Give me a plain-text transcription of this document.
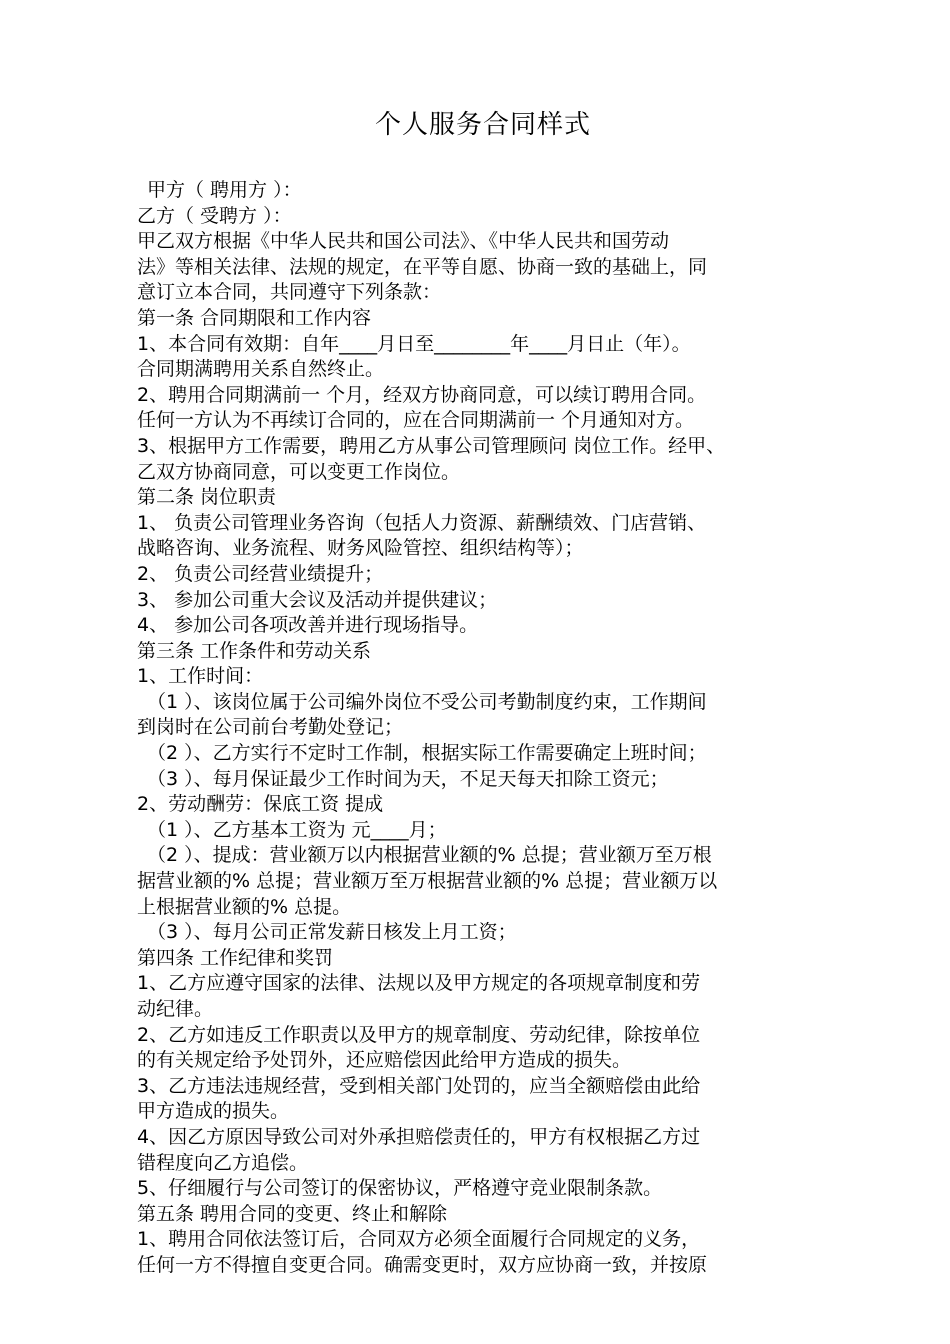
个人服务合同样式

甲方（ 聘用方 ）：

乙方（ 受聘方 ）：

甲乙双方根据《中华人民共和国公司法》、《中华人民共和国劳动

法》等相关法律、法规的规定，在平等自愿、协商一致的基础上，同

意订立本合同，共同遵守下列条款：

第一条 合同期限和工作内容

1、本合同有效期：自年____月日至________年____月日止（年）。

合同期满聘用关系自然终止。

2、聘用合同期满前一 个月，经双方协商同意，可以续订聘用合同。

任何一方认为不再续订合同的，应在合同期满前一 个月通知对方。

3、根据甲方工作需要，聘用乙方从事公司管理顾问 岗位工作。经甲、

乙双方协商同意，可以变更工作岗位。

第二条 岗位职责

1、 负责公司管理业务咨询（包括人力资源、薪酬绩效、门店营销、

战略咨询、业务流程、财务风险管控、组织结构等）；

2、 负责公司经营业绩提升；

3、 参加公司重大会议及活动并提供建议；

4、 参加公司各项改善并进行现场指导。

第三条 工作条件和劳动关系

1、工作时间：

（1 ）、该岗位属于公司编外岗位不受公司考勤制度约束，工作期间

到岗时在公司前台考勤处登记；

（2 ）、乙方实行不定时工作制，根据实际工作需要确定上班时间；

（3 ）、每月保证最少工作时间为天，不足天每天扣除工资元；

2、劳动酬劳：保底工资 提成

（1 ）、乙方基本工资为 元____月；

（2 ）、提成：营业额万以内根据营业额的% 总提；营业额万至万根

据营业额的% 总提；营业额万至万根据营业额的% 总提；营业额万以

上根据营业额的% 总提。

（3 ）、每月公司正常发薪日核发上月工资；

第四条 工作纪律和奖罚

1、乙方应遵守国家的法律、法规以及甲方规定的各项规章制度和劳

动纪律。

2、乙方如违反工作职责以及甲方的规章制度、劳动纪律，除按单位

的有关规定给予处罚外，还应赔偿因此给甲方造成的损失。

3、乙方违法违规经营，受到相关部门处罚的，应当全额赔偿由此给

甲方造成的损失。

4、因乙方原因导致公司对外承担赔偿责任的，甲方有权根据乙方过

错程度向乙方追偿。

5、仔细履行与公司签订的保密协议，严格遵守竞业限制条款。

第五条 聘用合同的变更、终止和解除

1、聘用合同依法签订后，合同双方必须全面履行合同规定的义务，

任何一方不得擅自变更合同。确需变更时，双方应协商一致，并按原
